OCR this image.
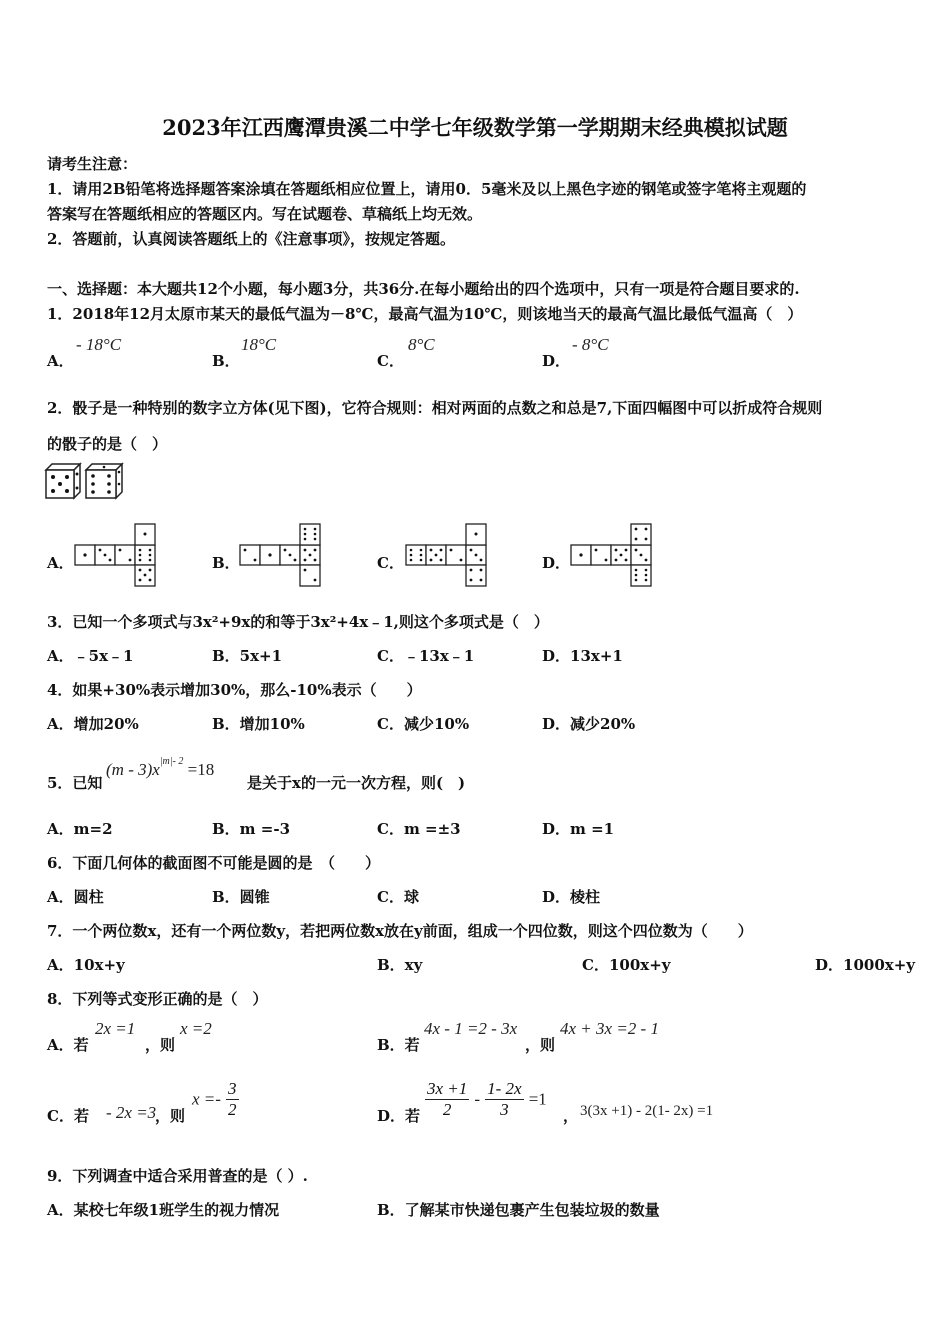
2023年江西鹰潭贵溪二中学七年级数学第一学期期末经典模拟试题
请考生注意：
1．请用2B铅笔将选择题答案涂填在答题纸相应位置上，请用0．5毫米及以上黑色字迹的钢笔或签字笔将主观题的
答案写在答题纸相应的答题区内。写在试题卷、草稿纸上均无效。
2．答题前，认真阅读答题纸上的《注意事项》，按规定答题。
一、选择题：本大题共12个小题，每小题3分，共36分.在每小题给出的四个选项中，只有一项是符合题目要求的.
1．2018年12月太原市某天的最低气温为－8℃，最高气温为10℃，则该地当天的最高气温比最低气温高（　）
A．
- 18°C
B．
18°C
C．
8°C
D．
- 8°C
2．骰子是一种特别的数字立方体(见下图)，它符合规则：相对两面的点数之和总是7,下面四幅图中可以折成符合规则
的骰子的是（　）
A．	B．	C．	D．
3．已知一个多项式与3x²+9x的和等于3x²+4x﹣1,则这个多项式是（　）
A．﹣5x﹣1	B．5x+1	C．﹣13x﹣1	D．13x+1
4．如果+30%表示增加30%，那么-10%表示（　　）
A．增加20%	B．增加10%	C．减少10%	D．减少20%
5．已知
$(m - 3)x^{|m|- 2} =18$
是关于x的一元一次方程，则(　)
A．m=2	B．m =-3	C．m =±3	D．m =1
6．下面几何体的截面图不可能是圆的是　（　　）
A．圆柱	B．圆锥	C．球	D．棱柱
7．一个两位数x，还有一个两位数y，若把两位数x放在y前面，组成一个四位数，则这个四位数为（　　）
A．10x+y	B．xy	C．100x+y	D．1000x+y
8．下列等式变形正确的是（　）
A．若
2x =1
，则
x =2
B．若
4x - 1 =2 - 3x
，则
4x + 3x =2 - 1
C．若 - 2x =3
，则
$x =- \frac{3}{2}$	D．若 $\frac{3x +1}{2} - \frac{1- 2x}{3} =1$
， 3(3x +1) - 2(1- 2x) =1
9．下列调查中适合采用普查的是（ ）.
A．某校七年级1班学生的视力情况	B．了解某市快递包裹产生包装垃圾的数量
